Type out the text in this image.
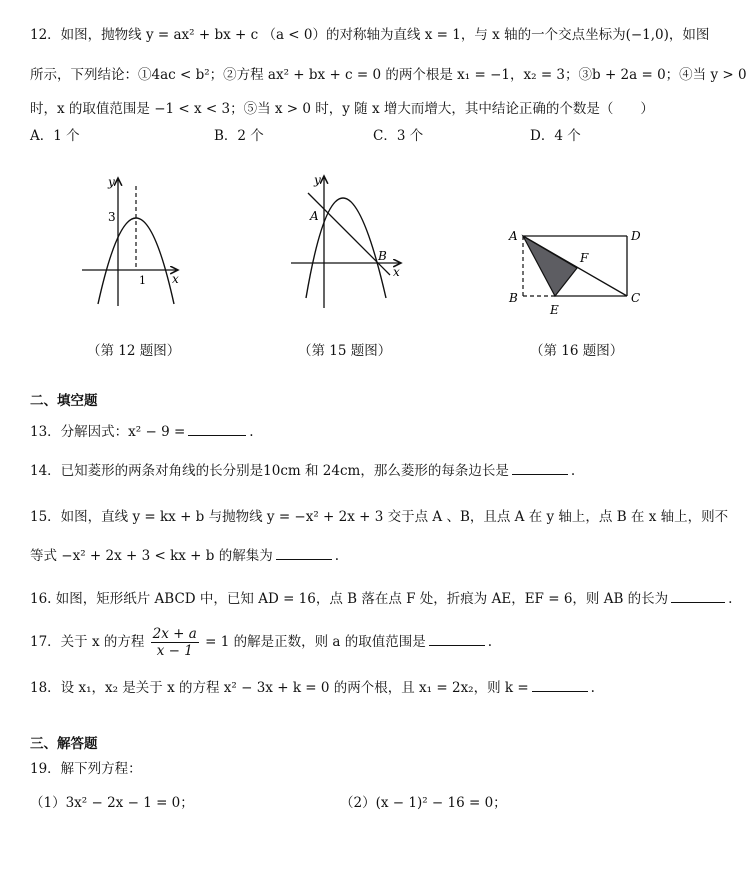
12．如图，抛物线 y = ax² + bx + c （a < 0）的对称轴为直线 x = 1，与 x 轴的一个交点坐标为(−1,0)，如图
所示，下列结论：①4ac < b²；②方程 ax² + bx + c = 0 的两个根是 x₁ = −1，x₂ = 3；③b + 2a = 0；④当 y > 0
时，x 的取值范围是 −1 < x < 3；⑤当 x > 0 时，y 随 x 增大而增大，其中结论正确的个数是（　　）
A．1 个	B．2 个	C．3 个	D．4 个
y
x
3
1
（第 12 题图）
y
x
A
B
（第 15 题图）
A
B	C
D
E
F
（第 16 题图）
二、填空题
13．分解因式：x² − 9 =	.
14．已知菱形的两条对角线的长分别是10cm 和 24cm，那么菱形的每条边长是	.
15．如图，直线 y = kx + b 与抛物线 y = −x² + 2x + 3 交于点 A 、B，且点 A 在 y 轴上，点 B 在 x 轴上，则不
等式 −x² + 2x + 3 < kx + b 的解集为	.
16. 如图，矩形纸片 ABCD 中，已知 AD = 16，点 B 落在点 F 处，折痕为 AE，EF = 6，则 AB 的长为	.
17．关于 x 的方程 $\frac{2x + a}{x - 1} = 1$ 的解是正数，则 a 的取值范围是	.
18．设 x₁，x₂ 是关于 x 的方程 x² − 3x + k = 0 的两个根，且 x₁ = 2x₂，则 k =	.
三、解答题
19．解下列方程：
（1）3x² − 2x − 1 = 0；	（2）(x − 1)² − 16 = 0；
